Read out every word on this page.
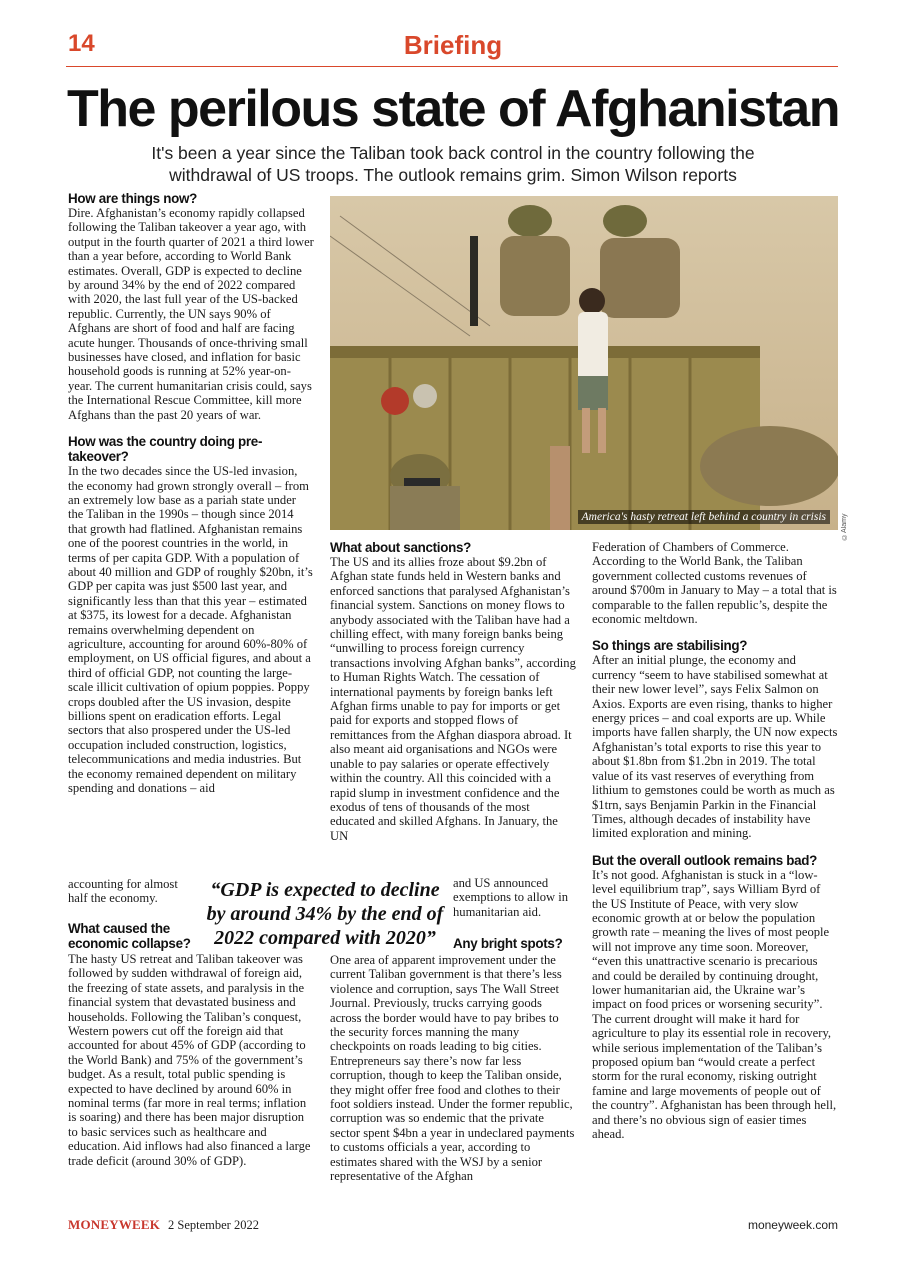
14	Briefing
The perilous state of Afghanistan
It's been a year since the Taliban took back control in the country following the withdrawal of US troops. The outlook remains grim. Simon Wilson reports
How are things now?

Dire. Afghanistan’s economy rapidly collapsed following the Taliban takeover a year ago, with output in the fourth quarter of 2021 a third lower than a year before, according to World Bank estimates. Overall, GDP is expected to decline by around 34% by the end of 2022 compared with 2020, the last full year of the US-backed republic. Currently, the UN says 90% of Afghans are short of food and half are facing acute hunger. Thousands of once-thriving small businesses have closed, and inflation for basic household goods is running at 52% year-on-year. The current humanitarian crisis could, says the International Rescue Committee, kill more Afghans than the past 20 years of war.

How was the country doing pre-takeover?

In the two decades since the US-led invasion, the economy had grown strongly overall – from an extremely low base as a pariah state under the Taliban in the 1990s – though since 2014 that growth had flatlined. Afghanistan remains one of the poorest countries in the world, in terms of per capita GDP. With a population of about 40 million and GDP of roughly $20bn, it’s GDP per capita was just $500 last year, and significantly less than that this year – estimated at $375, its lowest for a decade. Afghanistan remains overwhelming dependent on agriculture, accounting for around 60%-80% of employment, on US official figures, and about a third of official GDP, not counting the large-scale illicit cultivation of opium poppies. Poppy crops doubled after the US invasion, despite billions spent on eradication efforts. Legal sectors that also prospered under the US-led occupation included construction, logistics, telecommunications and media industries. But the economy remained dependent on military spending and donations – aid

accounting for almost half the economy.

What caused the economic collapse?

The hasty US retreat and Taliban takeover was followed by sudden withdrawal of foreign aid, the freezing of state assets, and paralysis in the financial system that devastated business and households. Following the Taliban’s conquest, Western powers cut off the foreign aid that accounted for about 45% of GDP (according to the World Bank) and 75% of the government’s budget. As a result, total public spending is expected to have declined by around 60% in nominal terms (far more in real terms; inflation is soaring) and there has been major disruption to basic services such as healthcare and education. Aid inflows had also financed a large trade deficit (around 30% of GDP).

America's hasty retreat left behind a country in crisis	©Alamy
“GDP is expected to decline by around 34% by the end of 2022 compared with 2020”
What about sanctions?

The US and its allies froze about $9.2bn of Afghan state funds held in Western banks and enforced sanctions that paralysed Afghanistan’s financial system. Sanctions on money flows to anybody associated with the Taliban have had a chilling effect, with many foreign banks being “unwilling to process foreign currency transactions involving Afghan banks”, according to Human Rights Watch. The cessation of international payments by foreign banks left Afghan firms unable to pay for imports or get paid for exports and stopped flows of remittances from the Afghan diaspora abroad. It also meant aid organisations and NGOs were unable to pay salaries or operate effectively within the country. All this coincided with a rapid slump in investment confidence and the exodus of tens of thousands of the most educated and skilled Afghans. In January, the UN

and US announced exemptions to allow in humanitarian aid.

Any bright spots?

One area of apparent improvement under the current Taliban government is that there’s less violence and corruption, says The Wall Street Journal. Previously, trucks carrying goods across the border would have to pay bribes to the security forces manning the many checkpoints on roads leading to big cities. Entrepreneurs say there’s now far less corruption, though to keep the Taliban onside, they might offer free food and clothes to their foot soldiers instead. Under the former republic, corruption was so endemic that the private sector spent $4bn a year in undeclared payments to customs officials a year, according to estimates shared with the WSJ by a senior representative of the Afghan

Federation of Chambers of Commerce. According to the World Bank, the Taliban government collected customs revenues of around $700m in January to May – a total that is comparable to the fallen republic’s, despite the economic meltdown.

So things are stabilising?

After an initial plunge, the economy and currency “seem to have stabilised somewhat at their new lower level”, says Felix Salmon on Axios. Exports are even rising, thanks to higher energy prices – and coal exports are up. While imports have fallen sharply, the UN now expects Afghanistan’s total exports to rise this year to about $1.8bn from $1.2bn in 2019. The total value of its vast reserves of everything from lithium to gemstones could be worth as much as $1trn, says Benjamin Parkin in the Financial Times, although decades of instability have limited exploration and mining.

But the overall outlook remains bad?

It’s not good. Afghanistan is stuck in a “low-level equilibrium trap”, says William Byrd of the US Institute of Peace, with very slow economic growth at or below the population growth rate – meaning the lives of most people will not improve any time soon. Moreover, “even this unattractive scenario is precarious and could be derailed by continuing drought, lower humanitarian aid, the Ukraine war’s impact on food prices or worsening security”. The current drought will make it hard for agriculture to play its essential role in recovery, while serious implementation of the Taliban’s proposed opium ban “would create a perfect storm for the rural economy, risking outright famine and large movements of people out of the country”. Afghanistan has been through hell, and there’s no obvious sign of easier times ahead.

MONEYWEEK 2 September 2022	moneyweek.com
